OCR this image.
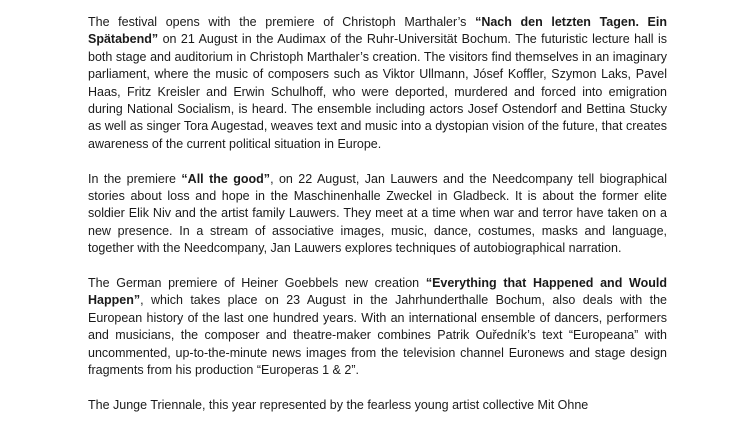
The festival opens with the premiere of Christoph Marthaler’s “Nach den letzten Tagen. Ein Spätabend” on 21 August in the Audimax of the Ruhr-Universität Bochum. The futuristic lecture hall is both stage and auditorium in Christoph Marthaler’s creation. The visitors find themselves in an imaginary parliament, where the music of composers such as Viktor Ullmann, Jósef Koffler, Szymon Laks, Pavel Haas, Fritz Kreisler and Erwin Schulhoff, who were deported, murdered and forced into emigration during National Socialism, is heard. The ensemble including actors Josef Ostendorf and Bettina Stucky as well as singer Tora Augestad, weaves text and music into a dystopian vision of the future, that creates awareness of the current political situation in Europe.

In the premiere “All the good”, on 22 August, Jan Lauwers and the Needcompany tell biographical stories about loss and hope in the Maschinenhalle Zweckel in Gladbeck. It is about the former elite soldier Elik Niv and the artist family Lauwers. They meet at a time when war and terror have taken on a new presence. In a stream of associative images, music, dance, costumes, masks and language, together with the Needcompany, Jan Lauwers explores techniques of autobiographical narration.

The German premiere of Heiner Goebbels new creation “Everything that Happened and Would Happen”, which takes place on 23 August in the Jahrhunderthalle Bochum, also deals with the European history of the last one hundred years. With an international ensemble of dancers, performers and musicians, the composer and theatre-maker combines Patrik Ouředník’s text “Europeana” with uncommented, up-to-the-minute news images from the television channel Euronews and stage design fragments from his production “Europeras 1 & 2”.

The Junge Triennale, this year represented by the fearless young artist collective Mit Ohne
